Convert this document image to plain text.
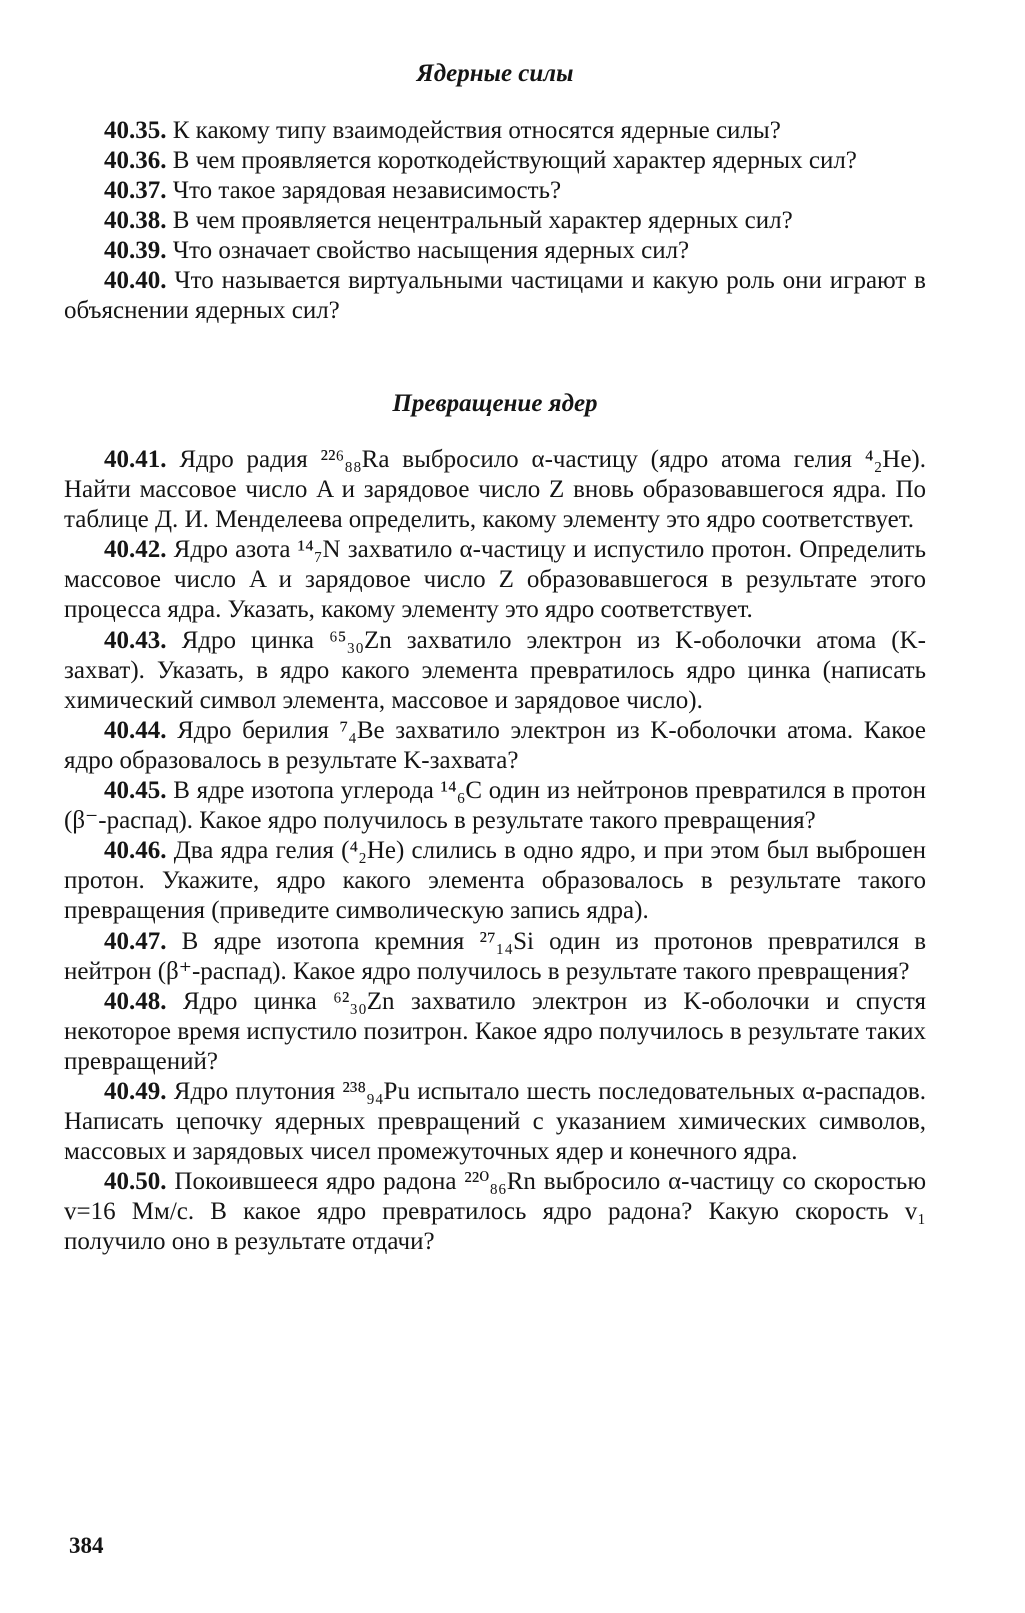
Ядерные силы

40.35. К какому типу взаимодействия относятся ядерные силы?

40.36. В чем проявляется короткодействующий характер ядерных сил?

40.37. Что такое зарядовая независимость?

40.38. В чем проявляется нецентральный характер ядерных сил?

40.39. Что означает свойство насыщения ядерных сил?

40.40. Что называется виртуальными частицами и какую роль они играют в объяснении ядерных сил?

Превращение ядер

40.41. Ядро радия ²²⁶₈₈Ra выбросило α-частицу (ядро атома гелия ⁴₂He). Найти массовое число A и зарядовое число Z вновь образовавшегося ядра. По таблице Д. И. Менделеева определить, какому элементу это ядро соответствует.

40.42. Ядро азота ¹⁴₇N захватило α-частицу и испустило протон. Определить массовое число A и зарядовое число Z образовавшегося в результате этого процесса ядра. Указать, какому элементу это ядро соответствует.

40.43. Ядро цинка ⁶⁵₃₀Zn захватило электрон из K-оболочки атома (K-захват). Указать, в ядро какого элемента превратилось ядро цинка (написать химический символ элемента, массовое и зарядовое число).

40.44. Ядро берилия ⁷₄Be захватило электрон из K-оболочки атома. Какое ядро образовалось в результате K-захвата?

40.45. В ядре изотопа углерода ¹⁴₆C один из нейтронов превратился в протон (β⁻-распад). Какое ядро получилось в результате такого превращения?

40.46. Два ядра гелия (⁴₂He) слились в одно ядро, и при этом был выброшен протон. Укажите, ядро какого элемента образовалось в результате такого превращения (приведите символическую запись ядра).

40.47. В ядре изотопа кремния ²⁷₁₄Si один из протонов превратился в нейтрон (β⁺-распад). Какое ядро получилось в результате такого превращения?

40.48. Ядро цинка ⁶²₃₀Zn захватило электрон из K-оболочки и спустя некоторое время испустило позитрон. Какое ядро получилось в результате таких превращений?

40.49. Ядро плутония ²³⁸₉₄Pu испытало шесть последовательных α-распадов. Написать цепочку ядерных превращений с указанием химических символов, массовых и зарядовых чисел промежуточных ядер и конечного ядра.

40.50. Покоившееся ядро радона ²²⁰₈₆Rn выбросило α-частицу со скоростью v=16 Мм/с. В какое ядро превратилось ядро радона? Какую скорость v₁ получило оно в результате отдачи?

384
